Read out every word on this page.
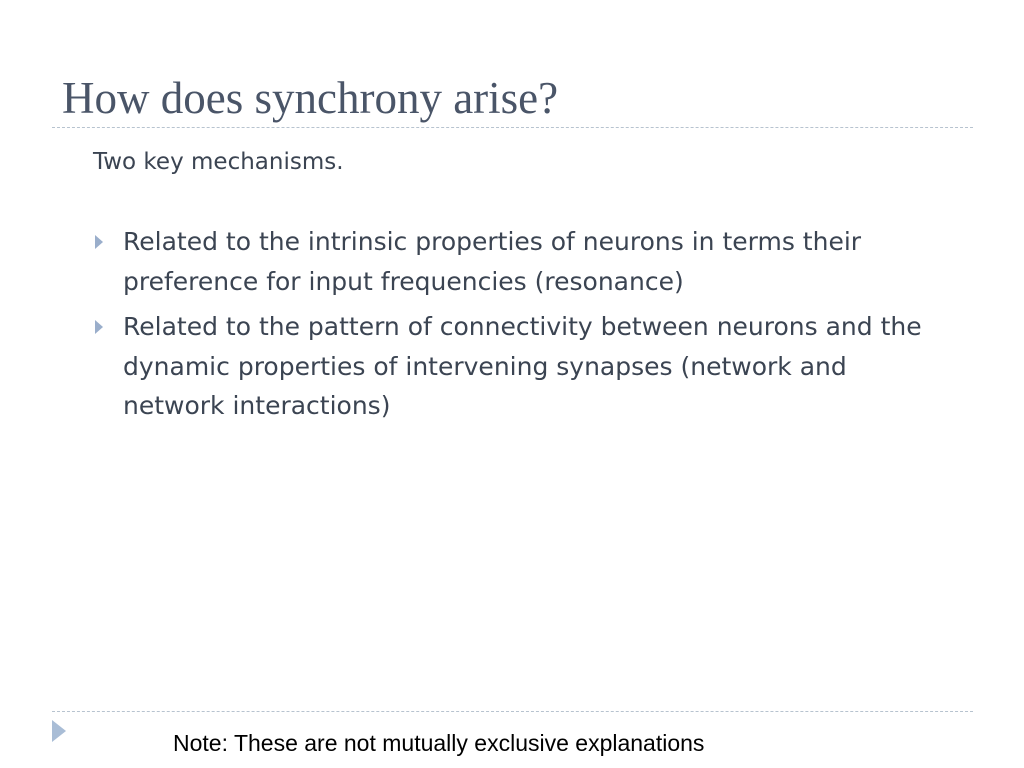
How does synchrony arise?

Two key mechanisms.

Related to the intrinsic properties of neurons in terms their preference for input frequencies (resonance)
Related to the pattern of connectivity between neurons and the dynamic properties of intervening synapses (network and network interactions)

Note: These are not mutually exclusive explanations
